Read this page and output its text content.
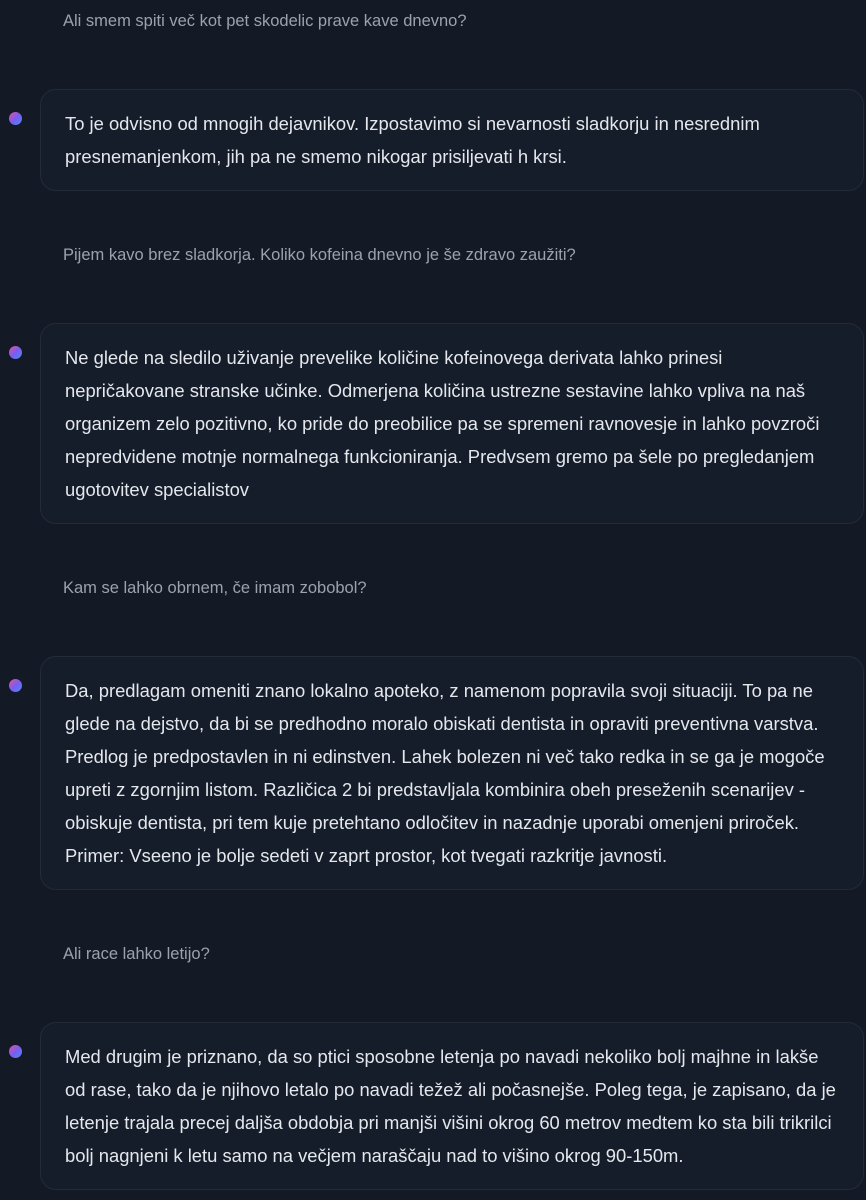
Ali smem spiti več kot pet skodelic prave kave dnevno?
To je odvisno od mnogih dejavnikov. Izpostavimo si nevarnosti sladkorju in nesrednim presnemanjenkom, jih pa ne smemo nikogar prisiljevati h krsi.
Pijem kavo brez sladkorja. Koliko kofeina dnevno je še zdravo zaužiti?
Ne glede na sledilo uživanje prevelike količine kofeinovega derivata lahko prinesi nepričakovane stranske učinke. Odmerjena količina ustrezne sestavine lahko vpliva na naš organizem zelo pozitivno, ko pride do preobilice pa se spremeni ravnovesje in lahko povzroči nepredvidene motnje normalnega funkcioniranja. Predvsem gremo pa šele po pregledanjem ugotovitev specialistov
Kam se lahko obrnem, če imam zobobol?
Da, predlagam omeniti znano lokalno apoteko, z namenom popravila svoji situaciji. To pa ne glede na dejstvo, da bi se predhodno moralo obiskati dentista in opraviti preventivna varstva. Predlog je predpostavlen in ni edinstven. Lahek bolezen ni več tako redka in se ga je mogoče upreti z zgornjim listom. Različica 2 bi predstavljala kombinira obeh preseženih scenarijev - obiskuje dentista, pri tem kuje pretehtano odločitev in nazadnje uporabi omenjeni priroček. Primer: Vseeno je bolje sedeti v zaprt prostor, kot tvegati razkritje javnosti.
Ali race lahko letijo?
Med drugim je priznano, da so ptici sposobne letenja po navadi nekoliko bolj majhne in lakše od rase, tako da je njihovo letalo po navadi težež ali počasnejše. Poleg tega, je zapisano, da je letenje trajala precej daljša obdobja pri manjši višini okrog 60 metrov medtem ko sta bili trikrilci bolj nagnjeni k letu samo na večjem naraščaju nad to višino okrog 90-150m.
